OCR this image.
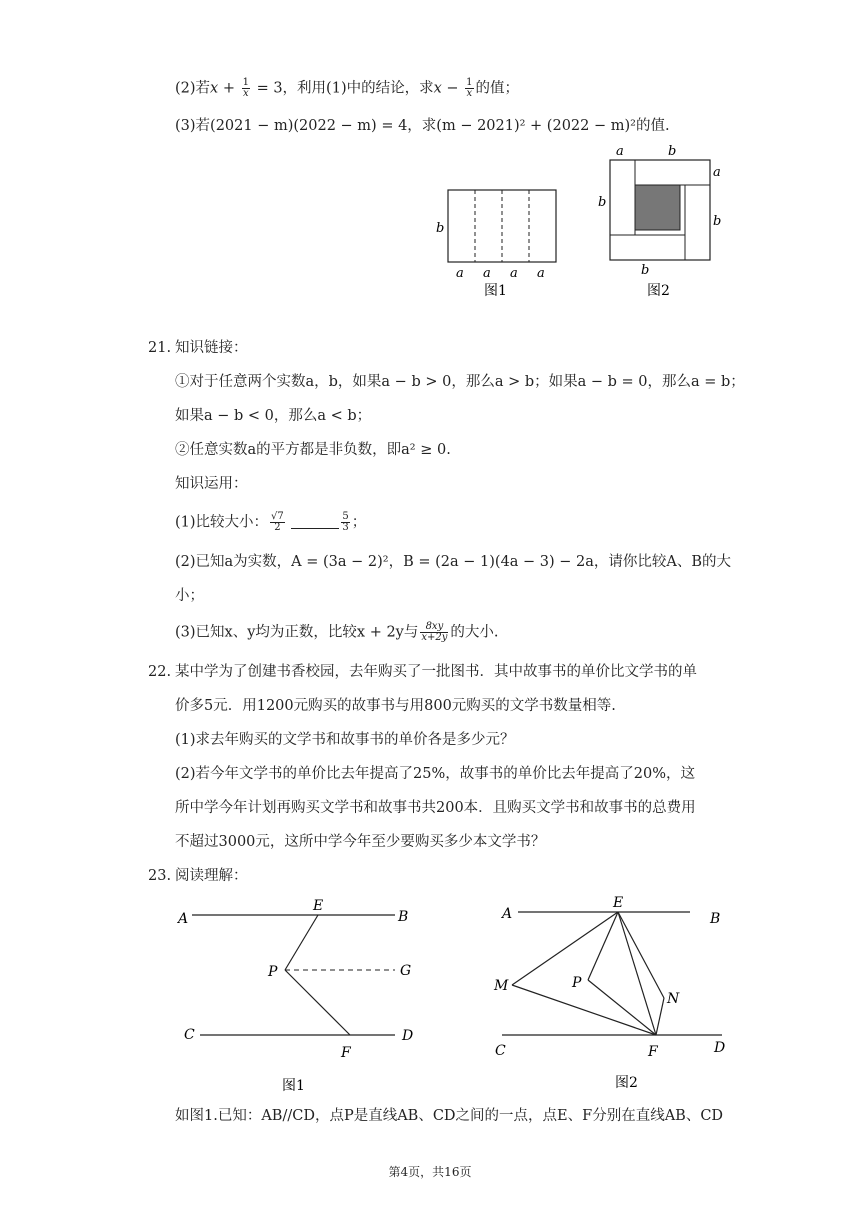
(2)若$x + \frac{1}{x} = 3$，利用(1)中的结论，求$x - \frac{1}{x}$ 的值；
(3)若(2021 − m)(2022 − m) = 4，求(m − 2021)² + (2022 − m)²的值.
b
a a a a
图1
a	b
a
b
b
b
图2
21. 知识链接：
①对于任意两个实数a，b，如果a − b > 0，那么a > b；如果a − b = 0，那么a = b；
如果a − b < 0，那么a < b；
②任意实数a的平方都是非负数，即a² ≥ 0.
知识运用：
(1)比较大小： $\frac{√7}{2}$
	$\frac{5}{3}$ ；
(2)已知a为实数，A = (3a − 2)²，B = (2a − 1)(4a − 3) − 2a，请你比较A、B的大
小；
(3)已知x、y均为正数，比较x + 2y与 $\frac{8xy}{x+2y}$ 的大小.
22. 某中学为了创建书香校园，去年购买了一批图书．其中故事书的单价比文学书的单
价多5元．用1200元购买的故事书与用800元购买的文学书数量相等.
(1)求去年购买的文学书和故事书的单价各是多少元？
(2)若今年文学书的单价比去年提高了25%，故事书的单价比去年提高了20%，这
所中学今年计划再购买文学书和故事书共200本．且购买文学书和故事书的总费用
不超过3000元，这所中学今年至少要购买多少本文学书？
23. 阅读理解：
A
E
B
P	G
C	D
F
图1
A
E
B
M	P
N
C	F	D
图2
如图1.已知：AB//CD，点P是直线AB、CD之间的一点，点E、F分别在直线AB、CD
第4页，共16页
